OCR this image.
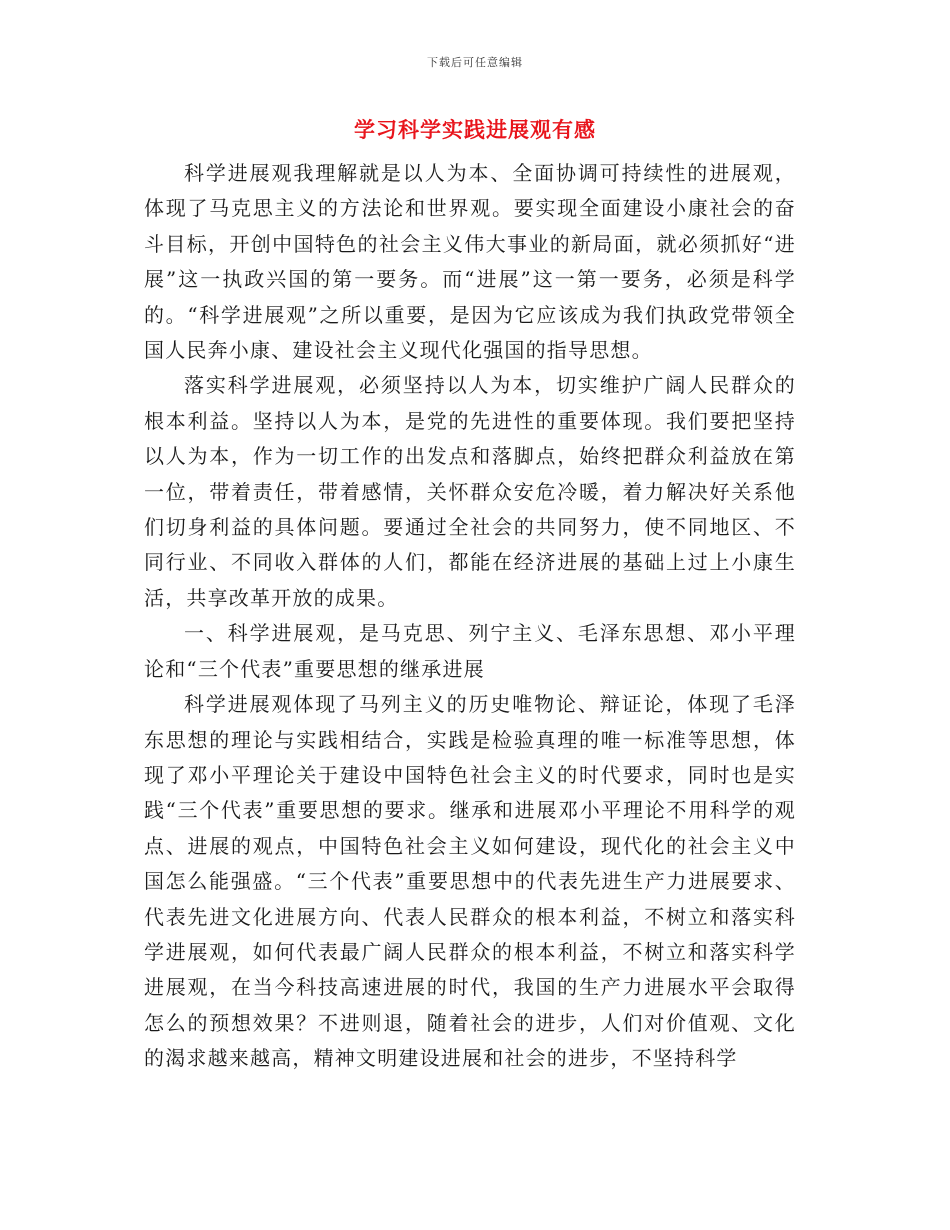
下载后可任意编辑
学习科学实践进展观有感

科学进展观我理解就是以人为本、全面协调可持续性的进展观，体现了马克思主义的方法论和世界观。要实现全面建设小康社会的奋斗目标，开创中国特色的社会主义伟大事业的新局面，就必须抓好“进展”这一执政兴国的第一要务。而“进展”这一第一要务，必须是科学的。“科学进展观”之所以重要，是因为它应该成为我们执政党带领全国人民奔小康、建设社会主义现代化强国的指导思想。

落实科学进展观，必须坚持以人为本，切实维护广阔人民群众的根本利益。坚持以人为本，是党的先进性的重要体现。我们要把坚持以人为本，作为一切工作的出发点和落脚点，始终把群众利益放在第一位，带着责任，带着感情，关怀群众安危冷暖，着力解决好关系他们切身利益的具体问题。要通过全社会的共同努力，使不同地区、不同行业、不同收入群体的人们，都能在经济进展的基础上过上小康生活，共享改革开放的成果。

一、科学进展观，是马克思、列宁主义、毛泽东思想、邓小平理论和“三个代表”重要思想的继承进展

科学进展观体现了马列主义的历史唯物论、辩证论，体现了毛泽东思想的理论与实践相结合，实践是检验真理的唯一标准等思想，体现了邓小平理论关于建设中国特色社会主义的时代要求，同时也是实践“三个代表”重要思想的要求。继承和进展邓小平理论不用科学的观点、进展的观点，中国特色社会主义如何建设，现代化的社会主义中国怎么能强盛。“三个代表”重要思想中的代表先进生产力进展要求、代表先进文化进展方向、代表人民群众的根本利益，不树立和落实科学进展观，如何代表最广阔人民群众的根本利益，不树立和落实科学进展观，在当今科技高速进展的时代，我国的生产力进展水平会取得怎么的预想效果？不进则退，随着社会的进步，人们对价值观、文化的渴求越来越高，精神文明建设进展和社会的进步，不坚持科学
